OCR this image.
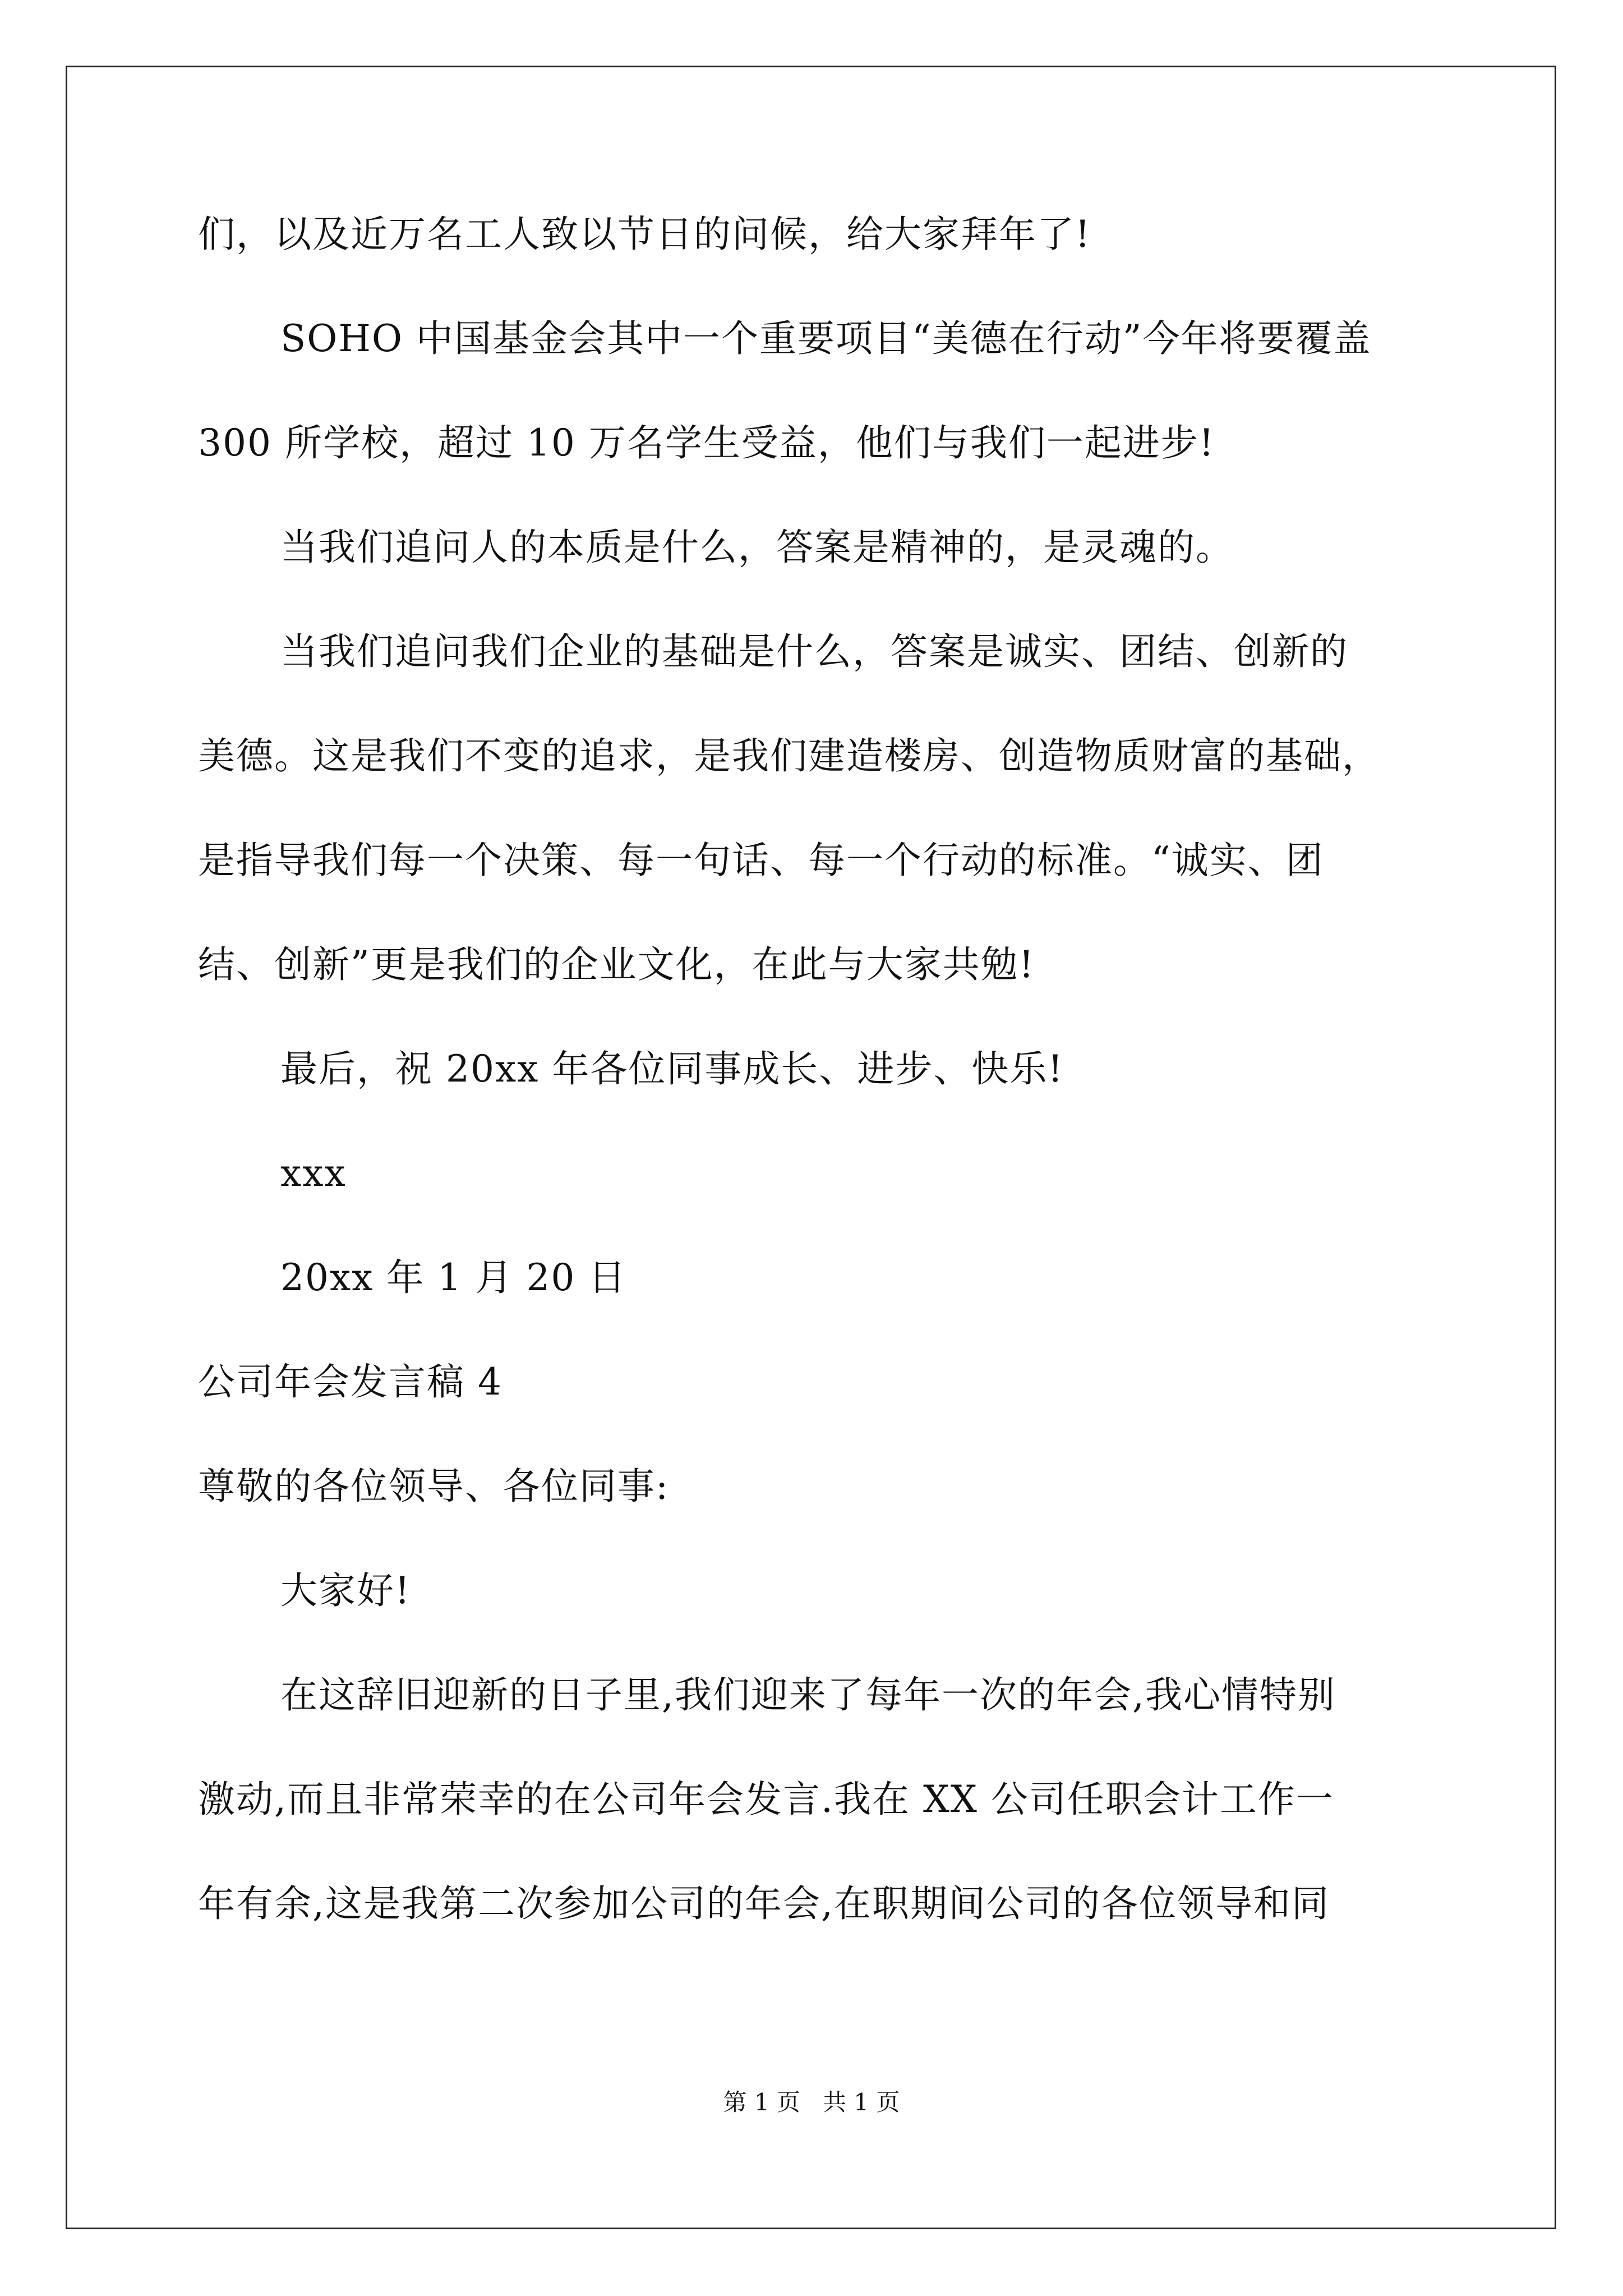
们，以及近万名工人致以节日的问候，给大家拜年了!
SOHO 中国基金会其中一个重要项目“美德在行动”今年将要覆盖
300 所学校，超过 10 万名学生受益，他们与我们一起进步!
当我们追问人的本质是什么，答案是精神的，是灵魂的。
当我们追问我们企业的基础是什么，答案是诚实、团结、创新的
美德。这是我们不变的追求，是我们建造楼房、创造物质财富的基础，
是指导我们每一个决策、每一句话、每一个行动的标准。“诚实、团
结、创新”更是我们的企业文化，在此与大家共勉!
最后，祝 20xx 年各位同事成长、进步、快乐!
xxx
20xx 年 1 月 20 日
公司年会发言稿 4
尊敬的各位领导、各位同事:
大家好!
在这辞旧迎新的日子里,我们迎来了每年一次的年会,我心情特别
激动,而且非常荣幸的在公司年会发言.我在 XX 公司任职会计工作一
年有余,这是我第二次参加公司的年会,在职期间公司的各位领导和同
第 1 页   共 1 页
